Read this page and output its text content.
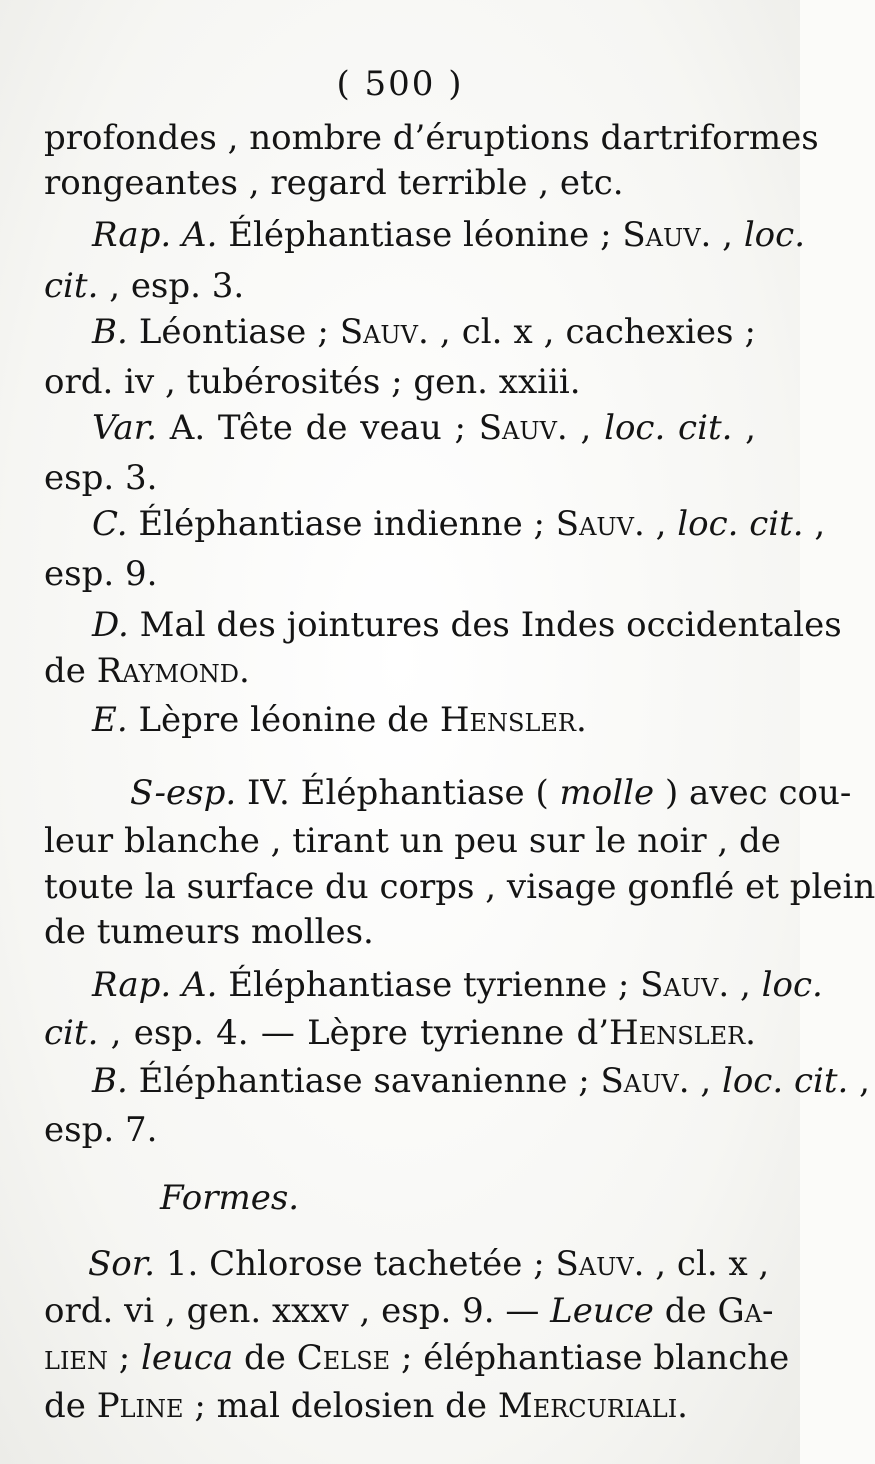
( 500 )
profondes , nombre d’éruptions dartriformes
rongeantes , regard terrible , etc.
Rap. A. Éléphantiase léonine ; Sauv. , loc.
cit. , esp. 3.
B. Léontiase ; Sauv. , cl. x , cachexies ;
ord. iv , tubérosités ; gen. xxiii.
Var. A. Tête de veau ; Sauv. , loc. cit. ,
esp. 3.
C. Éléphantiase indienne ; Sauv. , loc. cit. ,
esp. 9.
D. Mal des jointures des Indes occidentales
de Raymond.
E. Lèpre léonine de Hensler.
S-esp. IV. Éléphantiase ( molle ) avec cou-
leur blanche , tirant un peu sur le noir , de
toute la surface du corps , visage gonflé et plein
de tumeurs molles.
Rap. A. Éléphantiase tyrienne ; Sauv. , loc.
cit. , esp. 4. — Lèpre tyrienne d’Hensler.
B. Éléphantiase savanienne ; Sauv. , loc. cit. ,
esp. 7.
Formes.
Sor. 1. Chlorose tachetée ; Sauv. , cl. x ,
ord. vi , gen. xxxv , esp. 9. — Leuce de Ga-
lien ; leuca de Celse ; éléphantiase blanche
de Pline ; mal delosien de Mercuriali.
